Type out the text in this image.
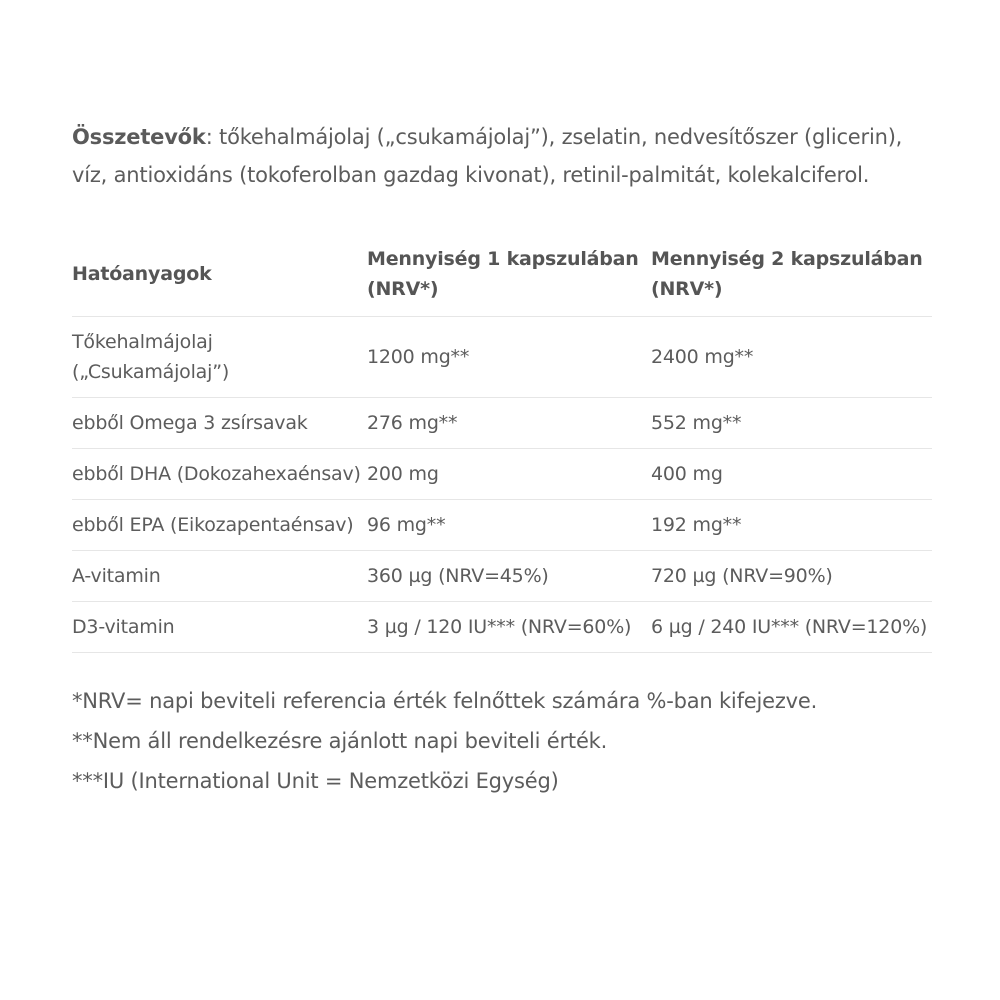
Összetevők: tőkehalmájolaj („csukamájolaj”), zselatin, nedvesítőszer (glicerin), víz, antioxidáns (tokoferolban gazdag kivonat), retinil-palmitát, kolekalciferol.

Hatóanyagok	Mennyiség 1 kapszulában (NRV*)	Mennyiség 2 kapszulában (NRV*)
Tőkehalmájolaj („Csukamájolaj”)	1200 mg**	2400 mg**
ebből Omega 3 zsírsavak	276 mg**	552 mg**
ebből DHA (Dokozahexaénsav)	200 mg	400 mg
ebből EPA (Eikozapentaénsav)	96 mg**	192 mg**
A-vitamin	360 µg (NRV=45%)	720 µg (NRV=90%)
D3-vitamin	3 µg / 120 IU*** (NRV=60%)	6 µg / 240 IU*** (NRV=120%)
*NRV= napi beviteli referencia érték felnőttek számára %-ban kifejezve.
**Nem áll rendelkezésre ajánlott napi beviteli érték.
***IU (International Unit = Nemzetközi Egység)
